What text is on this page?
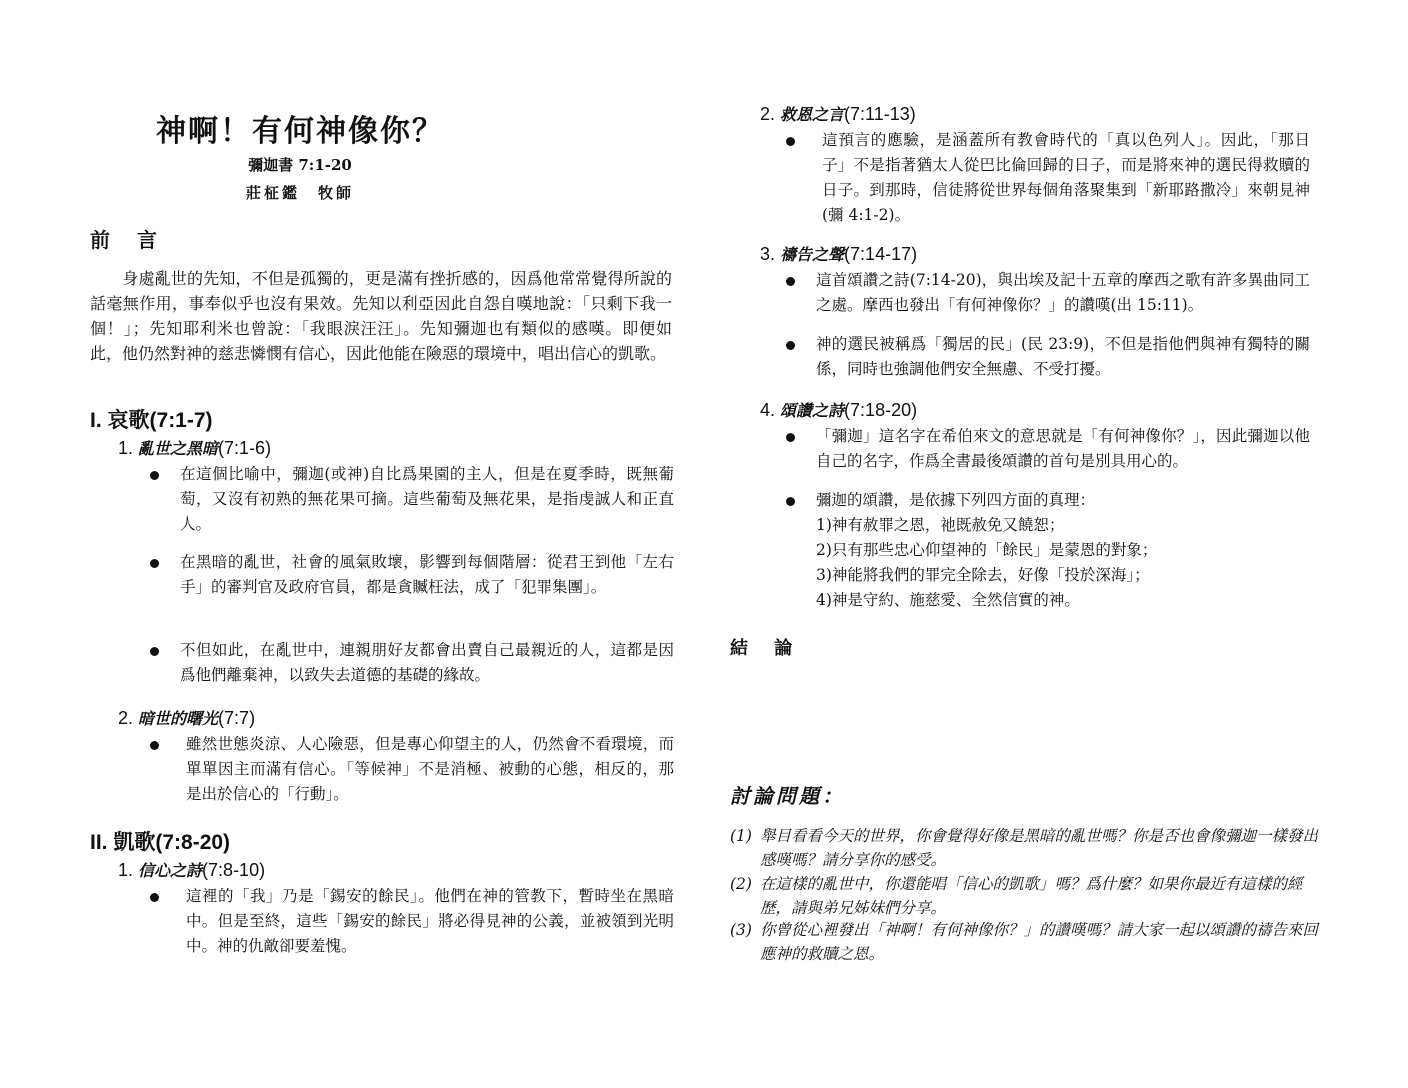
神啊！有何神像你？
彌迦書 7:1-20
莊柾鑑　牧師
前 言
　　身處亂世的先知，不但是孤獨的，更是滿有挫折感的，因爲他常常覺得所說的話毫無作用，事奉似乎也沒有果效。先知以利亞因此自怨自嘆地說：「只剩下我一個！」；先知耶利米也曾說：「我眼淚汪汪」。先知彌迦也有類似的感嘆。即便如此，他仍然對神的慈悲憐憫有信心，因此他能在險惡的環境中，唱出信心的凱歌。
I. 哀歌(7:1-7)
1. 亂世之黑暗(7:1-6)
在這個比喻中，彌迦(或神)自比爲果園的主人，但是在夏季時，既無葡萄，又沒有初熟的無花果可摘。這些葡萄及無花果，是指虔誠人和正直人。
在黑暗的亂世，社會的風氣敗壞，影響到每個階層：從君王到他「左右手」的審判官及政府官員，都是貪贓枉法，成了「犯罪集團」。
不但如此，在亂世中，連親朋好友都會出賣自己最親近的人，這都是因爲他們離棄神，以致失去道德的基礎的緣故。
2. 暗世的曙光(7:7)
雖然世態炎涼、人心險惡，但是專心仰望主的人，仍然會不看環境，而單單因主而滿有信心。「等候神」不是消極、被動的心態，相反的，那是出於信心的「行動」。
II. 凱歌(7:8-20)
1. 信心之詩(7:8-10)
這裡的「我」乃是「錫安的餘民」。他們在神的管教下，暫時坐在黑暗中。但是至終，這些「錫安的餘民」將必得見神的公義，並被領到光明中。神的仇敵卻要羞愧。
2. 救恩之言(7:11-13)
這預言的應驗，是涵蓋所有教會時代的「真以色列人」。因此，「那日子」不是指著猶太人從巴比倫回歸的日子，而是將來神的選民得救贖的日子。到那時，信徒將從世界每個角落聚集到「新耶路撒冷」來朝見神(彌 4:1-2)。
3. 禱告之聲(7:14-17)
這首頌讚之詩(7:14-20)，與出埃及記十五章的摩西之歌有許多異曲同工之處。摩西也發出「有何神像你？」的讚嘆(出 15:11)。
神的選民被稱爲「獨居的民」(民 23:9)，不但是指他們與神有獨特的關係，同時也強調他們安全無慮、不受打擾。
4. 頌讚之詩(7:18-20)
「彌迦」這名字在希伯來文的意思就是「有何神像你？」，因此彌迦以他自己的名字，作爲全書最後頌讚的首句是別具用心的。
彌迦的頌讚，是依據下列四方面的真理：
1)神有赦罪之恩，祂既赦免又饒恕；
2)只有那些忠心仰望神的「餘民」是蒙恩的對象；
3)神能將我們的罪完全除去，好像「投於深海」；
4)神是守約、施慈愛、全然信實的神。
結 論
討論問題：
(1) 舉目看看今天的世界，你會覺得好像是黑暗的亂世嗎？你是否也會像彌迦一樣發出感嘆嗎？請分享你的感受。
(2) 在這樣的亂世中，你還能唱「信心的凱歌」嗎？爲什麼？如果你最近有這樣的經歷，請與弟兄姊妹們分享。
(3) 你曾從心裡發出「神啊！有何神像你？」的讚嘆嗎？請大家一起以頌讚的禱告來回應神的救贖之恩。
